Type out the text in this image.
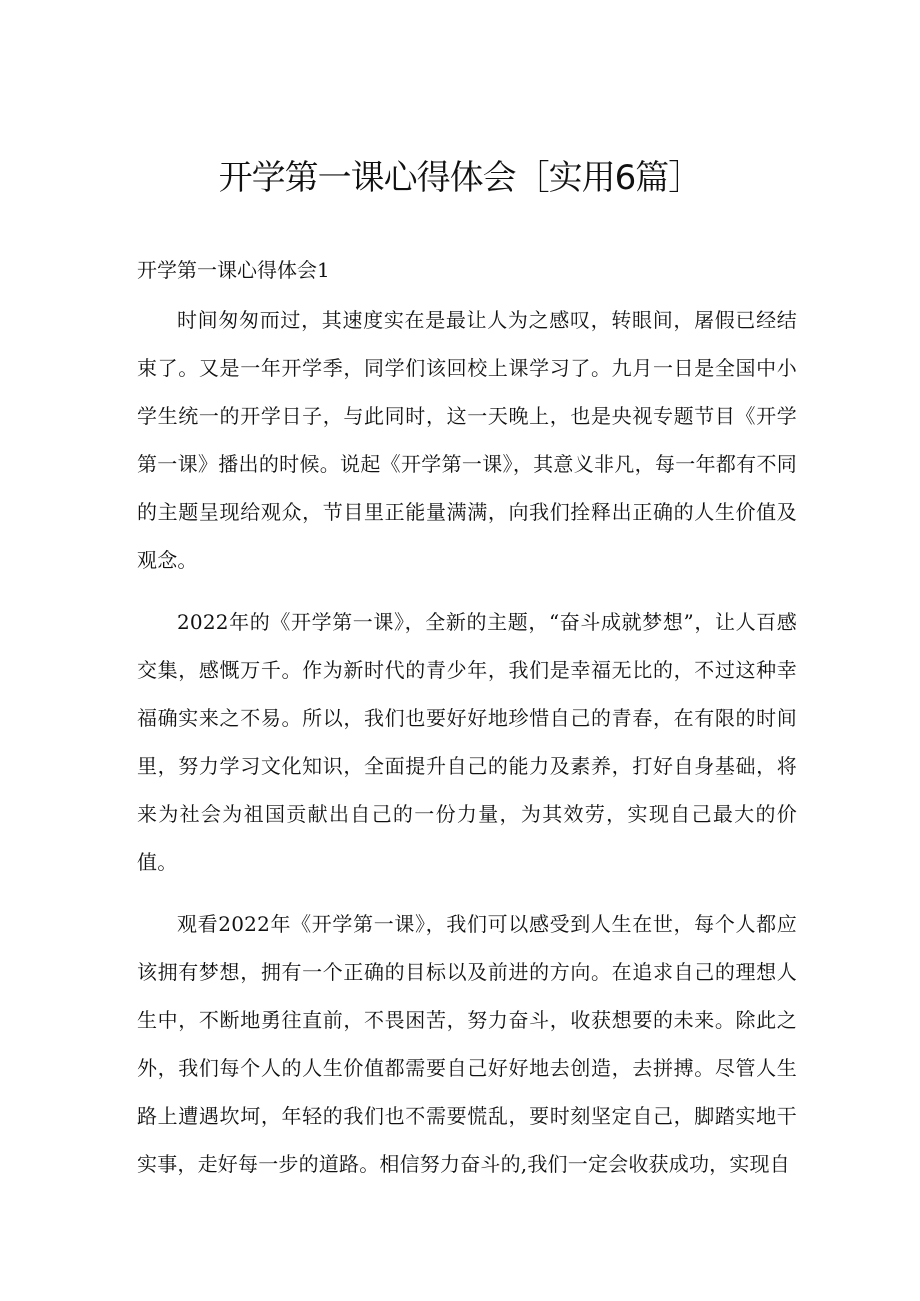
开学第一课心得体会［实用6篇］
开学第一课心得体会1

时间匆匆而过，其速度实在是最让人为之感叹，转眼间，屠假已经结束了。又是一年开学季，同学们该回校上课学习了。九月一日是全国中小学生统一的开学日子，与此同时，这一天晚上，也是央视专题节目《开学第一课》播出的时候。说起《开学第一课》，其意义非凡，每一年都有不同的主题呈现给观众，节目里正能量满满，向我们拴释出正确的人生价值及观念。

2022年的《开学第一课》，全新的主题，“奋斗成就梦想”，让人百感交集，感慨万千。作为新时代的青少年，我们是幸福无比的，不过这种幸福确实来之不易。所以，我们也要好好地珍惜自己的青春，在有限的时间里，努力学习文化知识，全面提升自己的能力及素养，打好自身基础，将来为社会为祖国贡献出自己的一份力量，为其效劳，实现自己最大的价值。

观看2022年《开学第一课》，我们可以感受到人生在世，每个人都应该拥有梦想，拥有一个正确的目标以及前进的方向。在追求自己的理想人生中，不断地勇往直前，不畏困苦，努力奋斗，收获想要的未来。除此之外，我们每个人的人生价值都需要自己好好地去创造，去拼搏。尽管人生路上遭遇坎坷，年轻的我们也不需要慌乱，要时刻坚定自己，脚踏实地干实事，走好每一步的道路。相信努力奋斗的,我们一定会收获成功，实现自
